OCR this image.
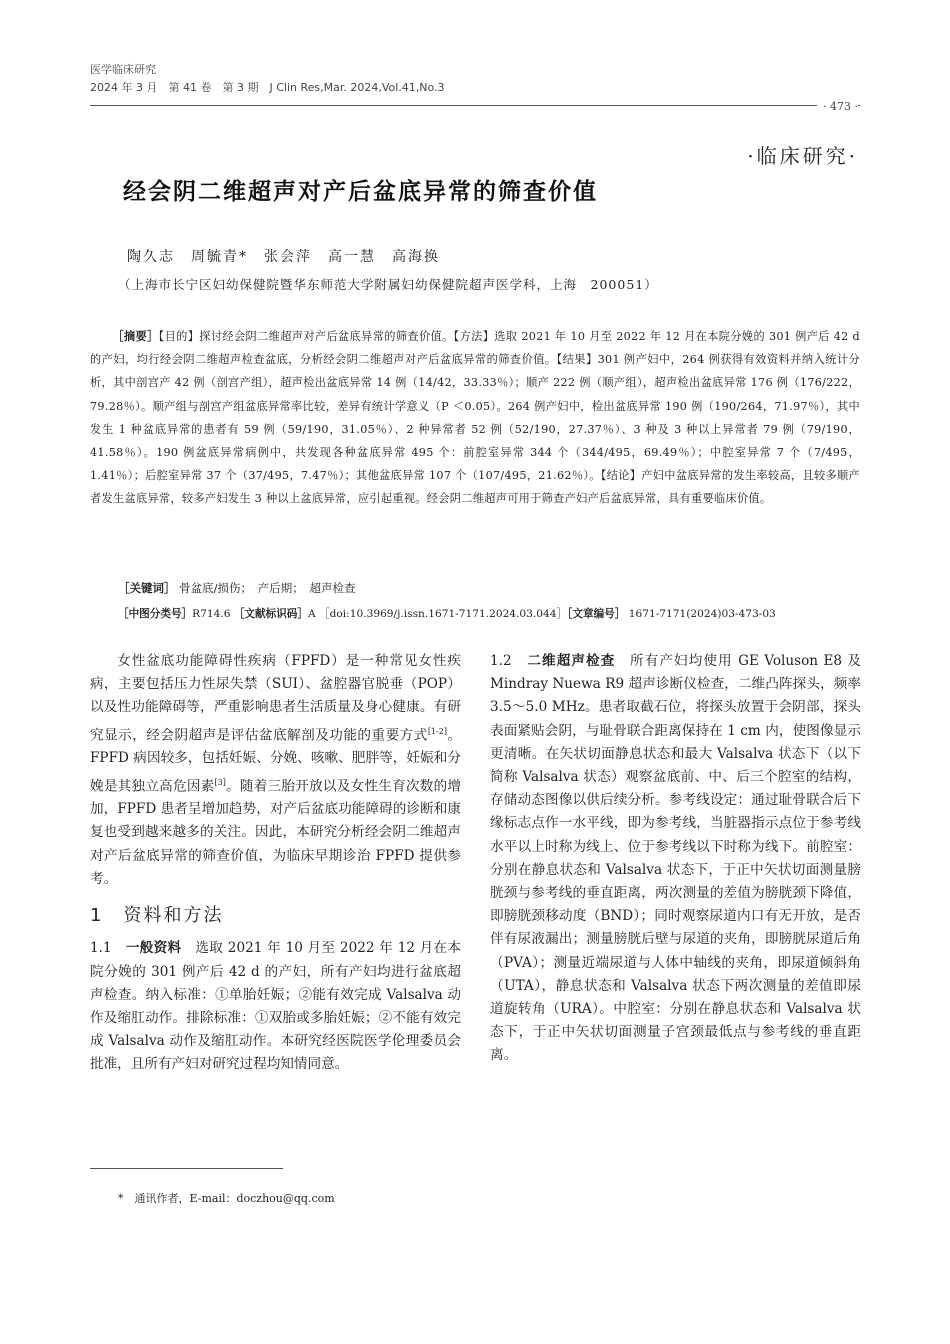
医学临床研究
2024 年 3 月　第 41 卷　第 3 期　J Clin Res,Mar. 2024,Vol.41,No.3
· 473 ·
·临床研究·
经会阴二维超声对产后盆底异常的筛查价值
陶久志　周毓青*　张会萍　高一慧　高海换
（上海市长宁区妇幼保健院暨华东师范大学附属妇幼保健院超声医学科，上海　200051）
［摘要］【目的】探讨经会阴二维超声对产后盆底异常的筛查价值。【方法】选取 2021 年 10 月至 2022 年 12 月在本院分娩的 301 例产后 42 d 的产妇，均行经会阴二维超声检查盆底，分析经会阴二维超声对产后盆底异常的筛查价值。【结果】301 例产妇中，264 例获得有效资料并纳入统计分析，其中剖宫产 42 例（剖宫产组），超声检出盆底异常 14 例（14/42，33.33％）；顺产 222 例（顺产组），超声检出盆底异常 176 例（176/222，79.28％）。顺产组与剖宫产组盆底异常率比较，差异有统计学意义（P ＜0.05）。264 例产妇中，检出盆底异常 190 例（190/264，71.97％），其中发生 1 种盆底异常的患者有 59 例（59/190，31.05％）、2 种异常者 52 例（52/190，27.37％）、3 种及 3 种以上异常者 79 例（79/190，41.58％）。190 例盆底异常病例中，共发现各种盆底异常 495 个：前腔室异常 344 个（344/495，69.49％）；中腔室异常 7 个（7/495，1.41％）；后腔室异常 37 个（37/495，7.47％）；其他盆底异常 107 个（107/495，21.62％）。【结论】产妇中盆底异常的发生率较高，且较多顺产者发生盆底异常，较多产妇发生 3 种以上盆底异常，应引起重视。经会阴二维超声可用于筛查产妇产后盆底异常，具有重要临床价值。
［关键词］ 骨盆底/损伤；　产后期；　超声检查
［中图分类号］R714.6 ［文献标识码］A ［doi:10.3969/j.issn.1671-7171.2024.03.044］［文章编号］ 1671-7171(2024)03-473-03

女性盆底功能障碍性疾病（FPFD）是一种常见女性疾病，主要包括压力性尿失禁（SUI）、盆腔器官脱垂（POP）以及性功能障碍等，严重影响患者生活质量及身心健康。有研究显示，经会阴超声是评估盆底解剖及功能的重要方式[1-2]。FPFD 病因较多，包括妊娠、分娩、咳嗽、肥胖等，妊娠和分娩是其独立高危因素[3]。随着三胎开放以及女性生育次数的增加，FPFD 患者呈增加趋势，对产后盆底功能障碍的诊断和康复也受到越来越多的关注。因此，本研究分析经会阴二维超声对产后盆底异常的筛查价值，为临床早期诊治 FPFD 提供参考。

1　资料和方法

1.1　 一般资料　 选取 2021 年 10 月至 2022 年 12 月在本院分娩的 301 例产后 42 d 的产妇，所有产妇均进行盆底超声检查。纳入标准：①单胎妊娠；②能有效完成 Valsalva 动作及缩肛动作。排除标准：①双胎或多胎妊娠；②不能有效完成 Valsalva 动作及缩肛动作。本研究经医院医学伦理委员会批准，且所有产妇对研究过程均知情同意。

1.2　 二维超声检查　 所有产妇均使用 GE Voluson E8 及 Mindray Nuewa R9 超声诊断仪检查，二维凸阵探头，频率 3.5～5.0 MHz。患者取截石位，将探头放置于会阴部，探头表面紧贴会阴，与耻骨联合距离保持在 1 cm 内，使图像显示更清晰。在矢状切面静息状态和最大 Valsalva 状态下（以下简称 Valsalva 状态）观察盆底前、中、后三个腔室的结构，存储动态图像以供后续分析。参考线设定：通过耻骨联合后下缘标志点作一水平线，即为参考线，当脏器指示点位于参考线水平以上时称为线上、位于参考线以下时称为线下。前腔室：分别在静息状态和 Valsalva 状态下，于正中矢状切面测量膀胱颈与参考线的垂直距离，两次测量的差值为膀胱颈下降值，即膀胱颈移动度（BND）；同时观察尿道内口有无开放，是否伴有尿液漏出；测量膀胱后壁与尿道的夹角，即膀胱尿道后角（PVA）；测量近端尿道与人体中轴线的夹角，即尿道倾斜角（UTA），静息状态和 Valsalva 状态下两次测量的差值即尿道旋转角（URA）。中腔室：分别在静息状态和 Valsalva 状态下，于正中矢状切面测量子宫颈最低点与参考线的垂直距离。

*　通讯作者，E-mail：doczhou@qq.com
